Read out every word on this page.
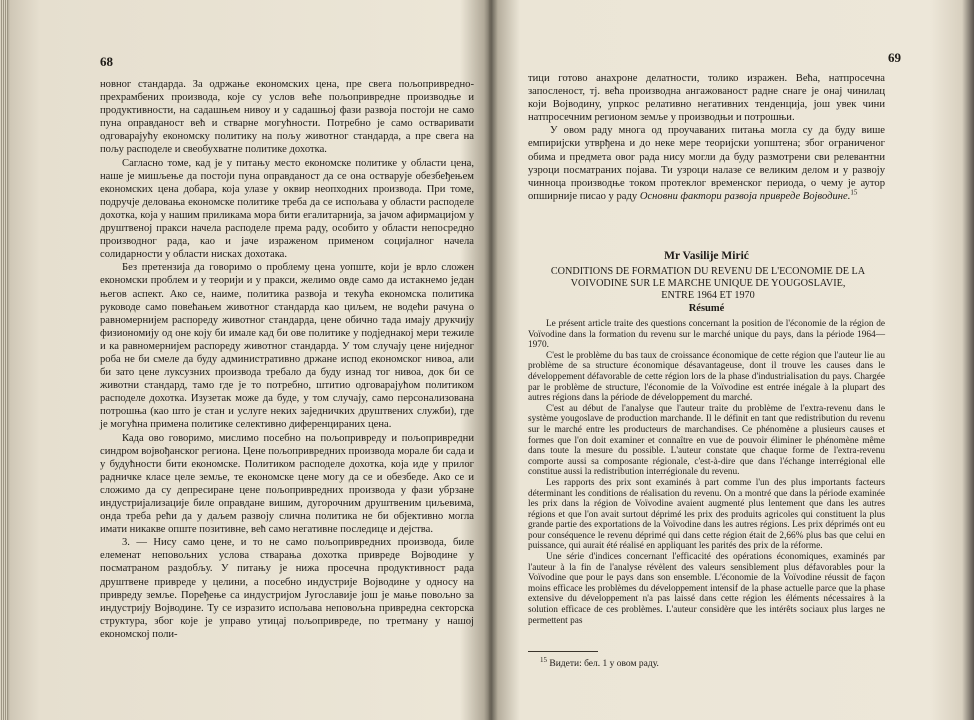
68

новног стандарда. За одржање економских цена, пре свега пољопривредно-прехрамбених производа, које су услов веће пољопривредне производње и продуктивности, на садашњем нивоу и у садашњој фази развоја постоји не само пуна оправданост већ и стварне могућности. Потребно је само остваривати одговарајућу економску политику на пољу животног стандарда, а пре свега на пољу расподеле и свеобухватне политике дохотка.

Сагласно томе, кад је у питању место економске политике у области цена, наше је мишљење да постоји пуна оправданост да се она остварује обезбеђењем економских цена добара, која улазе у оквир неопходних производа. При томе, подручје деловања економске политике треба да се испољава у области расподеле дохотка, која у нашим приликама мора бити егалитарнија, за јачом афирмацијом у друштвеној пракси начела расподеле према раду, особито у области непосредно производног рада, као и јаче израженом применом социјалног начела солидарности у области нисках дохотака.

Без претензија да говоримо о проблему цена уопште, који је врло сложен економски проблем и у теорији и у пракси, желимо овде само да истакнемо један његов аспект. Ако се, наиме, политика развоја и текућа економска политика руководе само повећањем животног стандарда као циљем, не водећи рачуна о равномернијем распореду животног стандарда, цене обично тада имају друкчију физиономију од оне коју би имале кад би ове политике у подједнакој мери тежиле и ка равномернијем распореду животног стандарда. У том случају цене ниједног роба не би смеле да буду административно држане испод економског нивоа, али би зато цене луксузних производа требало да буду изнад тог нивоа, док би се животни стандард, тамо где је то потребно, штитио одговарајућом политиком расподеле дохотка. Изузетак може да буде, у том случају, само персонализована потрошња (као што је стан и услуге неких заједничких друштвених служби), где је могућна примена политике селективно диференцираних цена.

Када ово говоримо, мислимо посебно на пољопривреду и пољопривредни синдром војвођанског региона. Цене пољопривредних производа морале би сада и у будућности бити економске. Политиком расподеле дохотка, која иде у прилог радничке класе целе земље, те економске цене могу да се и обезбеде. Ако се и сложимо да су депресиране цене пољопривредних производа у фази убрзане индустријализације биле оправдане вишим, дугорочним друштвеним циљевима, онда треба рећи да у даљем развоју слична политика не би објективно могла имати никакве опште позитивне, већ само негативне последице и дејства.

3. — Нису само цене, и то не само пољопривредних производа, биле елеменат неповољних услова стварања дохотка привреде Војводине у посматраном раздобљу. У питању је нижа просечна продуктивност рада друштвене привреде у целини, а посебно индустрије Војводине у односу на привреду земље. Поређење са индустријом Југославије још је мање повољно за индустрију Војводине. Ту се изразито испољава неповољна привредна секторска структура, због које је управо утицај пољопривреде, по третману у нашој економској поли-

69

тици готово анахроне делатности, толико изражен. Већа, натпросечна запосленост, тј. већа производна ангажованост радне снаге је онај чинилац који Војводину, упркос релативно негативних тенденција, још увек чини натпросечним регионом земље у производњи и потрошњи.

У овом раду многа од проучаваних питања могла су да буду више емпиријски утврђена и до неке мере теоријски уопштена; због ограниченог обима и предмета овог рада нису могли да буду размотрени сви релевантни узроци посматраних појава. Ти узроци налазе се великим делом и у развоју чинноца производње током протеклог временског периода, о чему је аутор опширније писао у раду Основни фактори развоја привреде Војводине.$^{15}$

Mr Vasilije Mirić

CONDITIONS DE FORMATION DU REVENU DE L'ECONOMIE DE LA

VOIVODINE SUR LE MARCHE UNIQUE DE YOUGOSLAVIE,

ENTRE 1964 ET 1970

Résumé

Le présent article traite des questions concernant la position de l'économie de la région de Voïvodine dans la formation du revenu sur le marché unique du pays, dans la période 1964—1970.

C'est le problème du bas taux de croissance économique de cette région que l'auteur lie au problème de sa structure économique désavantageuse, dont il trouve les causes dans le développement défavorable de cette région lors de la phase d'industrialisation du pays. Chargée par le problème de structure, l'économie de la Voïvodine est entrée inégale à la plupart des autres régions dans la période de développement du marché.

C'est au début de l'analyse que l'auteur traite du problème de l'extra-revenu dans le système yougoslave de production marchande. Il le définit en tant que redistribution du revenu sur le marché entre les producteurs de marchandises. Ce phénomène a plusieurs causes et formes que l'on doit examiner et connaître en vue de pouvoir éliminer le phénomène même dans toute la mesure du possible. L'auteur constate que chaque forme de l'extra-revenu comporte aussi sa composante régionale, c'est-à-dire que dans l'échange interrégional elle constitue aussi la redistribution interrégionale du revenu.

Les rapports des prix sont examinés à part comme l'un des plus importants facteurs déterminant les conditions de réalisation du revenu. On a montré que dans la période examinée les prix dans la région de Voïvodine avaient augmenté plus lentement que dans les autres régions et que l'on avait surtout déprimé les prix des produits agricoles qui constituent la plus grande partie des exportations de la Voïvodine dans les autres régions. Les prix déprimés ont eu pour conséquence le revenu déprimé qui dans cette région était de 2,66% plus bas que celui en puissance, qui aurait été réalisé en appliquant les parités des prix de la réforme.

Une série d'indices concernant l'efficacité des opérations économiques, examinés par l'auteur à la fin de l'analyse révèlent des valeurs sensiblement plus défavorables pour la Voïvodine que pour le pays dans son ensemble. L'économie de la Voïvodine réussit de façon moins efficace les problèmes du développement intensif de la phase actuelle parce que la phase extensive du développement n'a pas laissé dans cette région les éléments nécessaires à la solution efficace de ces problèmes. L'auteur considère que les intérêts sociaux plus larges ne permettent pas

$^{15}$ Видети: бел. 1 у овом раду.
